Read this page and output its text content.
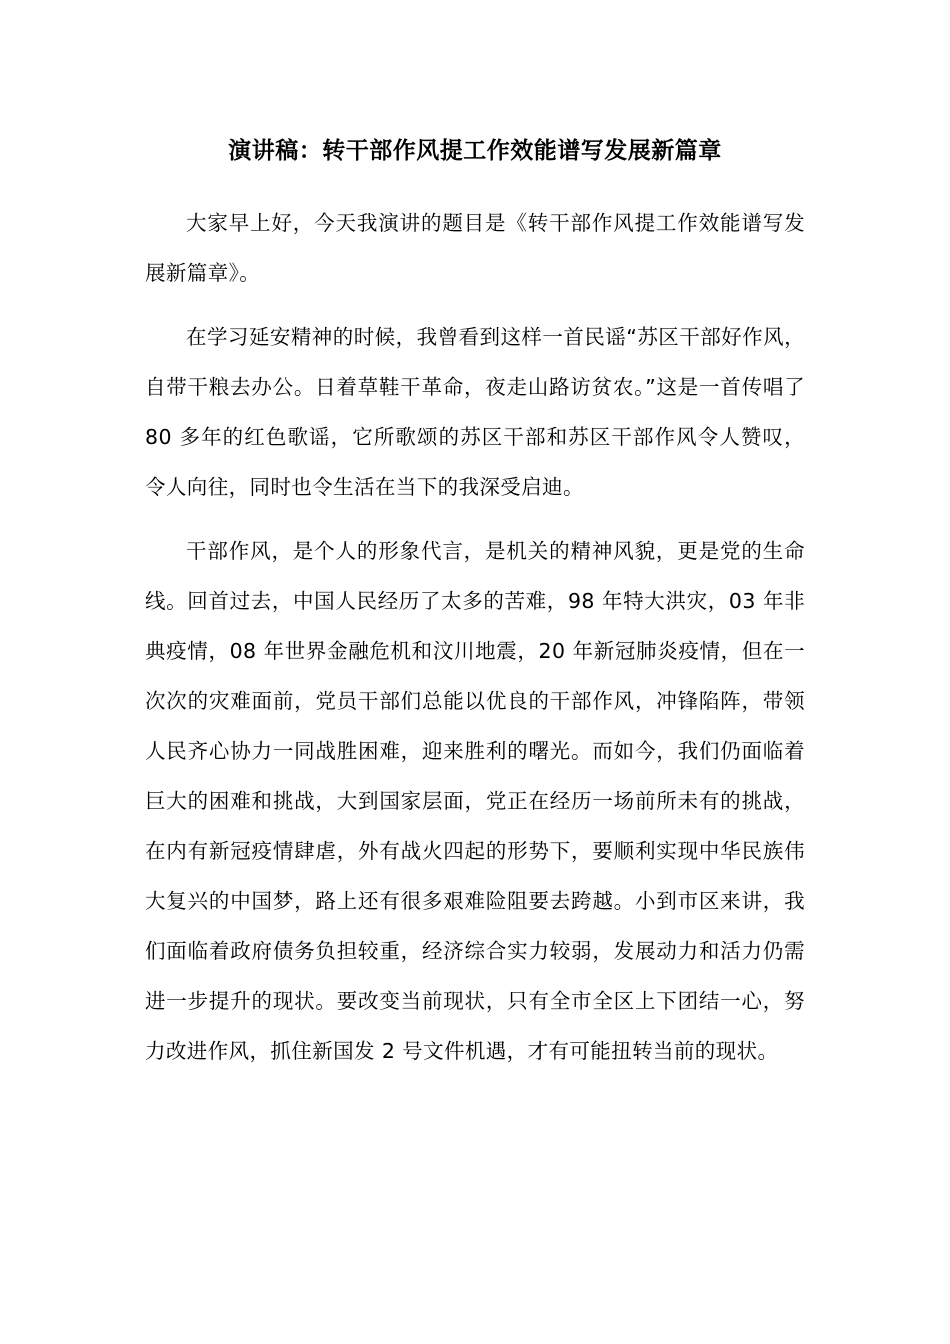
演讲稿：转干部作风提工作效能谱写发展新篇章

大家早上好，今天我演讲的题目是《转干部作风提工作效能谱写发展新篇章》。

在学习延安精神的时候，我曾看到这样一首民谣“苏区干部好作风，自带干粮去办公。日着草鞋干革命，夜走山路访贫农。”这是一首传唱了 80 多年的红色歌谣，它所歌颂的苏区干部和苏区干部作风令人赞叹，令人向往，同时也令生活在当下的我深受启迪。

干部作风，是个人的形象代言，是机关的精神风貌，更是党的生命线。回首过去，中国人民经历了太多的苦难，98 年特大洪灾，03 年非典疫情，08 年世界金融危机和汶川地震，20 年新冠肺炎疫情，但在一次次的灾难面前，党员干部们总能以优良的干部作风，冲锋陷阵，带领人民齐心协力一同战胜困难，迎来胜利的曙光。而如今，我们仍面临着巨大的困难和挑战，大到国家层面，党正在经历一场前所未有的挑战，在内有新冠疫情肆虐，外有战火四起的形势下，要顺利实现中华民族伟大复兴的中国梦，路上还有很多艰难险阻要去跨越。小到市区来讲，我们面临着政府债务负担较重，经济综合实力较弱，发展动力和活力仍需进一步提升的现状。要改变当前现状，只有全市全区上下团结一心，努力改进作风，抓住新国发 2 号文件机遇，才有可能扭转当前的现状。
